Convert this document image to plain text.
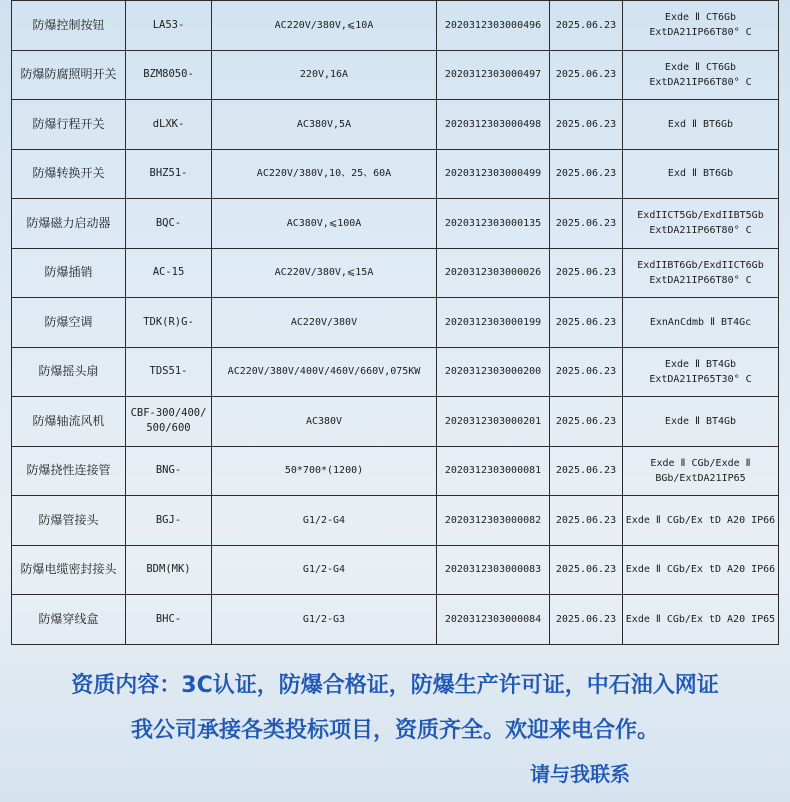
防爆控制按钮	LA53-	AC220V/380V,⩽10A	2020312303000496	2025.06.23	Exde Ⅱ CT6Gb
ExtDA21IP66T80° C

防爆防腐照明开关	BZM8050-	220V,16A	2020312303000497	2025.06.23	Exde Ⅱ CT6Gb
ExtDA21IP66T80° C

防爆行程开关	dLXK-	AC380V,5A	2020312303000498	2025.06.23	Exd Ⅱ BT6Gb

防爆转换开关	BHZ51-	AC220V/380V,10、25、60A	2020312303000499	2025.06.23	Exd Ⅱ BT6Gb

防爆磁力启动器	BQC-	AC380V,⩽100A	2020312303000135	2025.06.23	ExdIICT5Gb/ExdIIBT5Gb
ExtDA21IP66T80° C

防爆插销	AC-15	AC220V/380V,⩽15A	2020312303000026	2025.06.23	ExdIIBT6Gb/ExdIICT6Gb
ExtDA21IP66T80° C

防爆空调	TDK(R)G-	AC220V/380V	2020312303000199	2025.06.23	ExnAnCdmb Ⅱ BT4Gc

防爆摇头扇	TDS51-	AC220V/380V/400V/460V/660V,075KW	2020312303000200	2025.06.23	Exde Ⅱ BT4Gb
ExtDA21IP65T30° C

防爆轴流风机	CBF-300/400/500/600	AC380V	2020312303000201	2025.06.23	Exde Ⅱ BT4Gb

防爆挠性连接管	BNG-	50*700*(1200)	2020312303000081	2025.06.23	Exde Ⅱ CGb/Exde Ⅱ
BGb/ExtDA21IP65

防爆管接头	BGJ-	G1/2-G4	2020312303000082	2025.06.23	Exde Ⅱ CGb/Ex tD A20 IP66

防爆电缆密封接头	BDM(MK)	G1/2-G4	2020312303000083	2025.06.23	Exde Ⅱ CGb/Ex tD A20 IP66

防爆穿线盒	BHC-	G1/2-G3	2020312303000084	2025.06.23	Exde Ⅱ CGb/Ex tD A20 IP65
资质内容：3C认证，防爆合格证，防爆生产许可证，中石油入网证
我公司承接各类投标项目，资质齐全。欢迎来电合作。
请与我联系
